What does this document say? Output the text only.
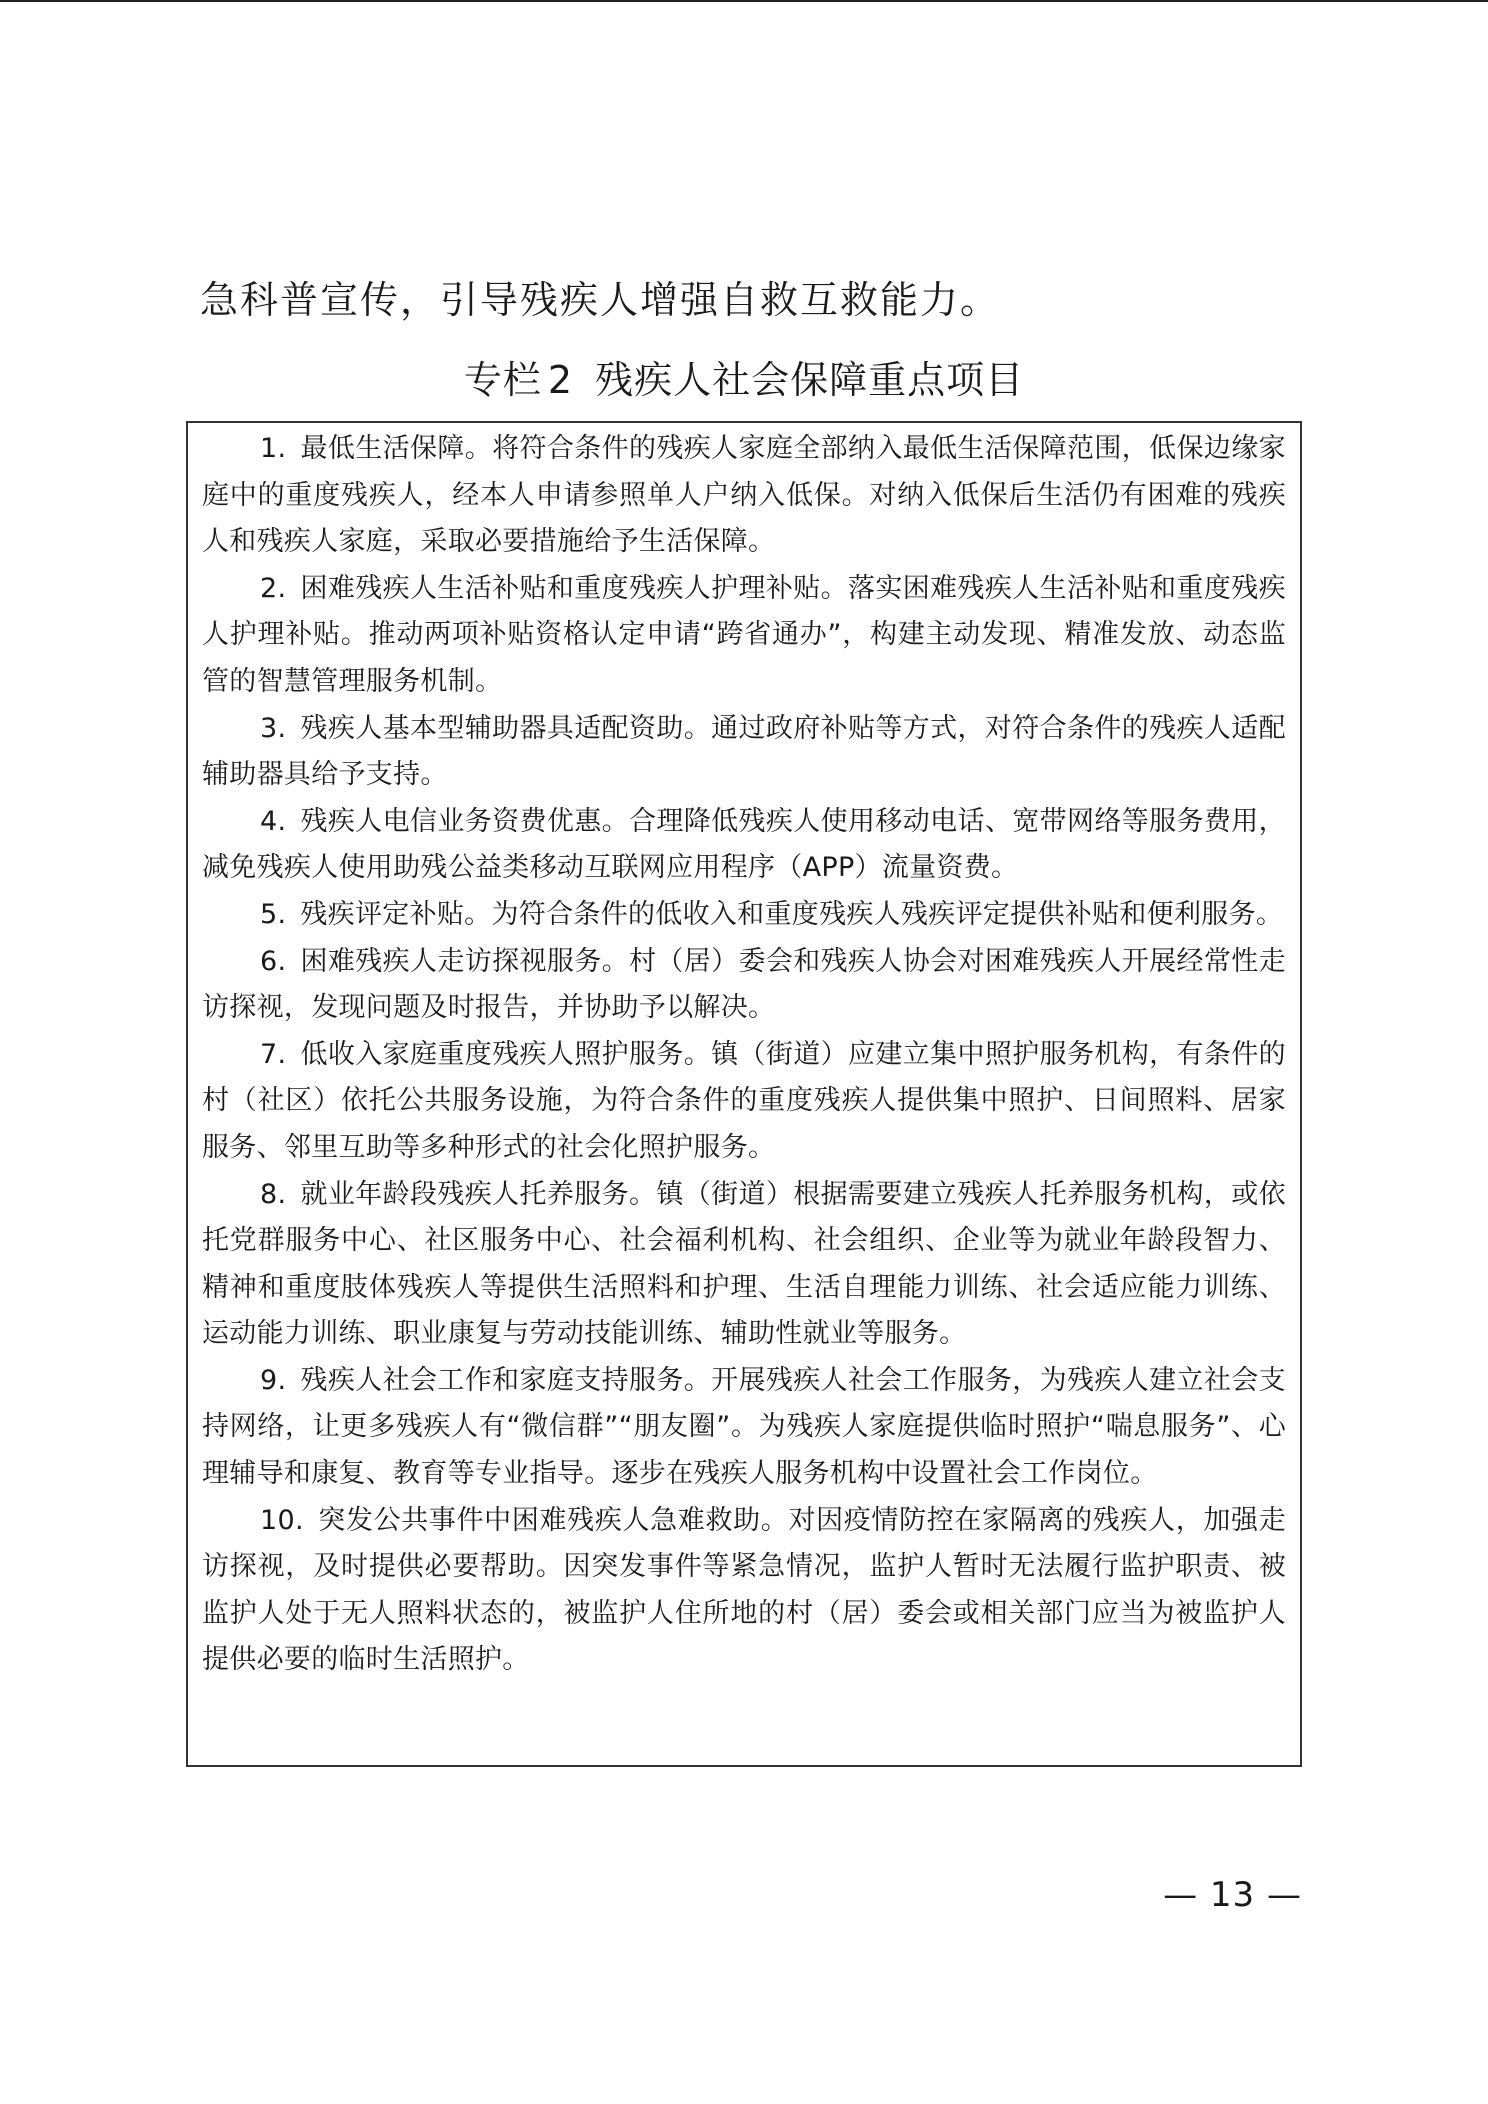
急科普宣传，引导残疾人增强自救互救能力。
专栏 2 残疾人社会保障重点项目

1. 最低生活保障。将符合条件的残疾人家庭全部纳入最低生活保障范围，低保边缘家庭中的重度残疾人，经本人申请参照单人户纳入低保。对纳入低保后生活仍有困难的残疾人和残疾人家庭，采取必要措施给予生活保障。

2. 困难残疾人生活补贴和重度残疾人护理补贴。落实困难残疾人生活补贴和重度残疾人护理补贴。推动两项补贴资格认定申请“跨省通办”，构建主动发现、精准发放、动态监管的智慧管理服务机制。

3. 残疾人基本型辅助器具适配资助。通过政府补贴等方式，对符合条件的残疾人适配辅助器具给予支持。

4. 残疾人电信业务资费优惠。合理降低残疾人使用移动电话、宽带网络等服务费用，减免残疾人使用助残公益类移动互联网应用程序（APP）流量资费。

5. 残疾评定补贴。为符合条件的低收入和重度残疾人残疾评定提供补贴和便利服务。

6. 困难残疾人走访探视服务。村（居）委会和残疾人协会对困难残疾人开展经常性走访探视，发现问题及时报告，并协助予以解决。

7. 低收入家庭重度残疾人照护服务。镇（街道）应建立集中照护服务机构，有条件的村（社区）依托公共服务设施，为符合条件的重度残疾人提供集中照护、日间照料、居家服务、邻里互助等多种形式的社会化照护服务。

8. 就业年龄段残疾人托养服务。镇（街道）根据需要建立残疾人托养服务机构，或依托党群服务中心、社区服务中心、社会福利机构、社会组织、企业等为就业年龄段智力、精神和重度肢体残疾人等提供生活照料和护理、生活自理能力训练、社会适应能力训练、运动能力训练、职业康复与劳动技能训练、辅助性就业等服务。

9. 残疾人社会工作和家庭支持服务。开展残疾人社会工作服务，为残疾人建立社会支持网络，让更多残疾人有“微信群”“朋友圈”。为残疾人家庭提供临时照护“喘息服务”、心理辅导和康复、教育等专业指导。逐步在残疾人服务机构中设置社会工作岗位。

10. 突发公共事件中困难残疾人急难救助。对因疫情防控在家隔离的残疾人，加强走访探视，及时提供必要帮助。因突发事件等紧急情况，监护人暂时无法履行监护职责、被监护人处于无人照料状态的，被监护人住所地的村（居）委会或相关部门应当为被监护人提供必要的临时生活照护。

— 13 —
